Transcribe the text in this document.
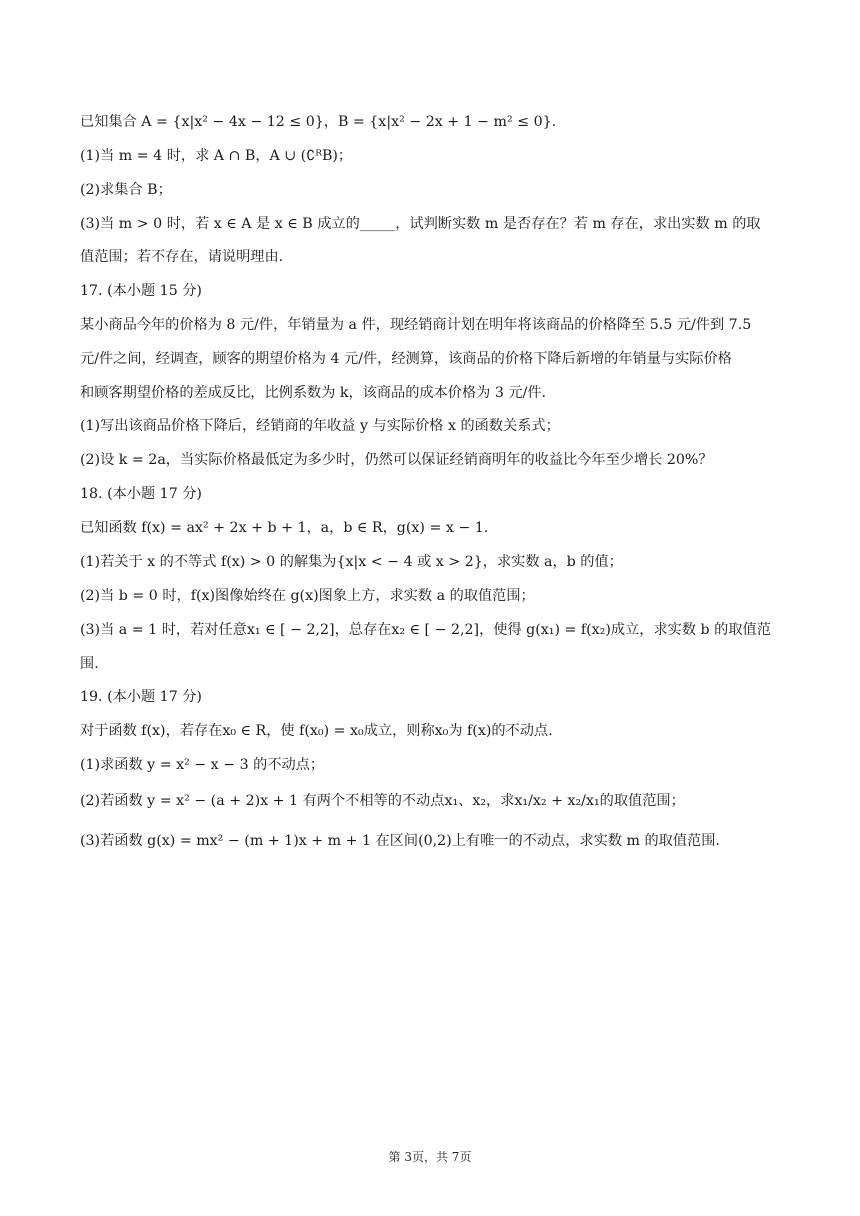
已知集合 A = {x|x² − 4x − 12 ≤ 0}，B = {x|x² − 2x + 1 − m² ≤ 0}.
(1)当 m = 4 时，求 A ∩ B，A ∪ (∁ᴿB)；
(2)求集合 B；
(3)当 m > 0 时，若 x ∈ A 是 x ∈ B 成立的_____，试判断实数 m 是否存在？若 m 存在，求出实数 m 的取
值范围；若不存在，请说明理由.
17. (本小题 15 分)
某小商品今年的价格为 8 元/件，年销量为 a 件，现经销商计划在明年将该商品的价格降至 5.5 元/件到 7.5
元/件之间，经调查，顾客的期望价格为 4 元/件，经测算，该商品的价格下降后新增的年销量与实际价格
和顾客期望价格的差成反比，比例系数为 k，该商品的成本价格为 3 元/件.
(1)写出该商品价格下降后，经销商的年收益 y 与实际价格 x 的函数关系式；
(2)设 k = 2a，当实际价格最低定为多少时，仍然可以保证经销商明年的收益比今年至少增长 20%？
18. (本小题 17 分)
已知函数 f(x) = ax² + 2x + b + 1，a，b ∈ R，g(x) = x − 1.
(1)若关于 x 的不等式 f(x) > 0 的解集为{x|x < − 4 或 x > 2}，求实数 a，b 的值；
(2)当 b = 0 时，f(x)图像始终在 g(x)图象上方，求实数 a 的取值范围；
(3)当 a = 1 时，若对任意x₁ ∈ [ − 2,2]，总存在x₂ ∈ [ − 2,2]，使得 g(x₁) = f(x₂)成立，求实数 b 的取值范
围.
19. (本小题 17 分)
对于函数 f(x)，若存在x₀ ∈ R，使 f(x₀) = x₀成立，则称x₀为 f(x)的不动点.
(1)求函数 y = x² − x − 3 的不动点；
(2)若函数 y = x² − (a + 2)x + 1 有两个不相等的不动点x₁、x₂，求x₁/x₂ + x₂/x₁的取值范围；
(3)若函数 g(x) = mx² − (m + 1)x + m + 1 在区间(0,2)上有唯一的不动点，求实数 m 的取值范围.
第 3页，共 7页
